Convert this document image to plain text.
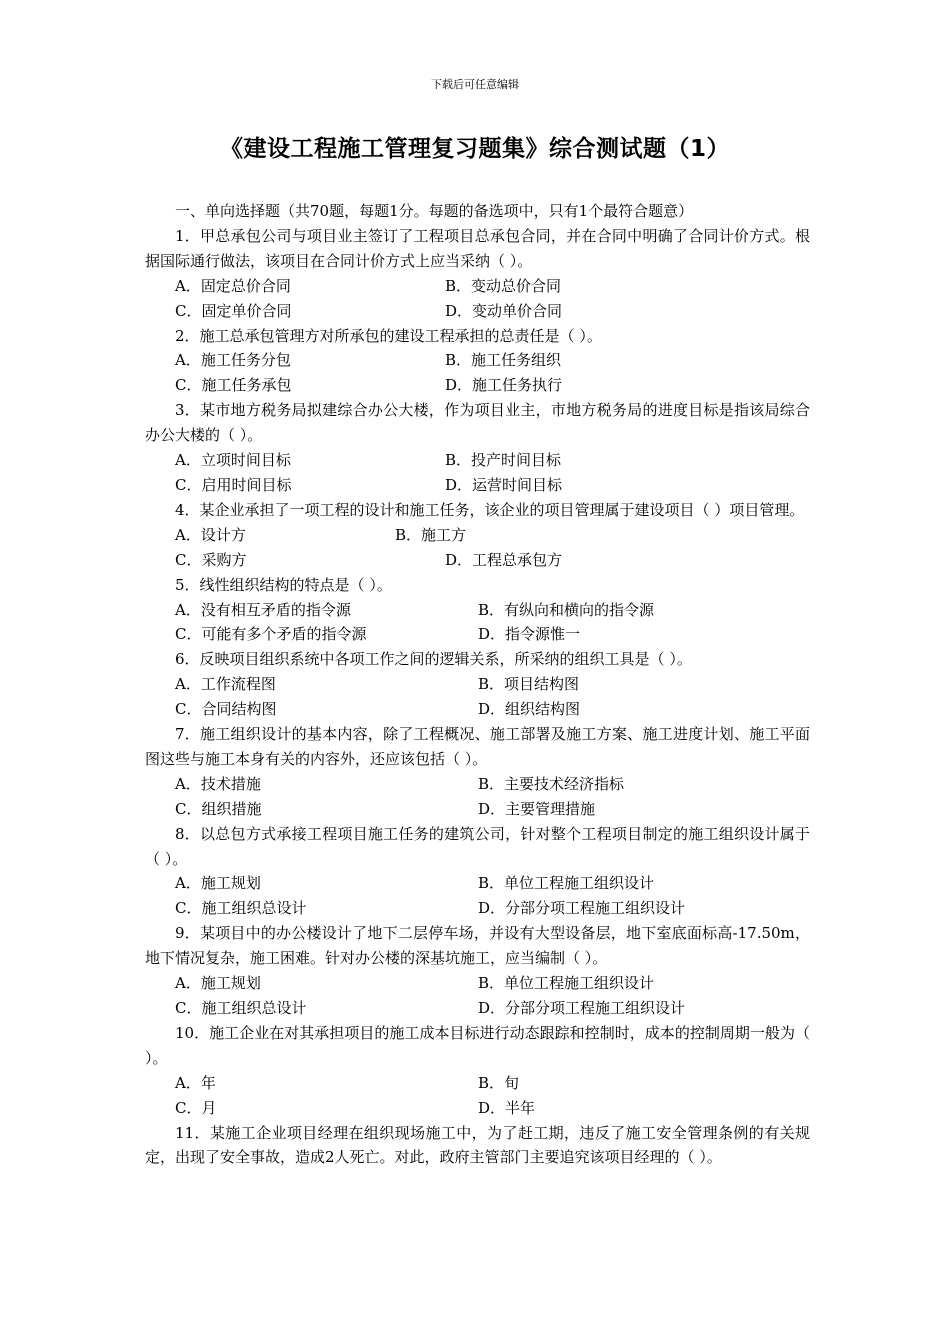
下载后可任意编辑
《建设工程施工管理复习题集》综合测试题（1）
一、单向选择题（共70题，每题1分。每题的备选项中，只有1个最符合题意）
1．甲总承包公司与项目业主签订了工程项目总承包合同，并在合同中明确了合同计价方式。根据国际通行做法，该项目在合同计价方式上应当采纳（ ）。
A．固定总价合同	B．变动总价合同
C．固定单价合同	D．变动单价合同
2．施工总承包管理方对所承包的建设工程承担的总责任是（ ）。
A．施工任务分包	B．施工任务组织
C．施工任务承包	D．施工任务执行
3．某市地方税务局拟建综合办公大楼，作为项目业主，市地方税务局的进度目标是指该局综合办公大楼的（ ）。
A．立项时间目标	B．投产时间目标
C．启用时间目标	D．运营时间目标
4．某企业承担了一项工程的设计和施工任务，该企业的项目管理属于建设项目（ ）项目管理。
A．设计方	B．施工方
C．采购方	D．工程总承包方
5．线性组织结构的特点是（ ）。
A．没有相互矛盾的指令源	B．有纵向和横向的指令源
C．可能有多个矛盾的指令源	D．指令源惟一
6．反映项目组织系统中各项工作之间的逻辑关系，所采纳的组织工具是（ ）。
A．工作流程图	B．项目结构图
C．合同结构图	D．组织结构图
7．施工组织设计的基本内容，除了工程概况、施工部署及施工方案、施工进度计划、施工平面图这些与施工本身有关的内容外，还应该包括（ ）。
A．技术措施	B．主要技术经济指标
C．组织措施	D．主要管理措施
8．以总包方式承接工程项目施工任务的建筑公司，针对整个工程项目制定的施工组织设计属于（ ）。
A．施工规划	B．单位工程施工组织设计
C．施工组织总设计	D．分部分项工程施工组织设计
9．某项目中的办公楼设计了地下二层停车场，并设有大型设备层，地下室底面标高-17.50m，地下情况复杂，施工困难。针对办公楼的深基坑施工，应当编制（ ）。
A．施工规划	B．单位工程施工组织设计
C．施工组织总设计	D．分部分项工程施工组织设计
10．施工企业在对其承担项目的施工成本目标进行动态跟踪和控制时，成本的控制周期一般为（ ）。
A．年	B．旬
C．月	D．半年
11．某施工企业项目经理在组织现场施工中，为了赶工期，违反了施工安全管理条例的有关规定，出现了安全事故，造成2人死亡。对此，政府主管部门主要追究该项目经理的（ ）。
